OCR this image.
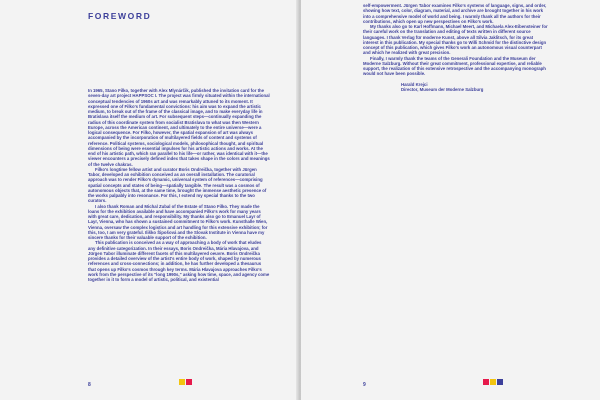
FOREWORD

In 1965, Stano Filko, together with Alex Mlynárčik, published the invitation card for the seven-day art project HAPPSOC I. The project was firmly situated within the international conceptual tendencies of 1960s art and was remarkably attuned to its moment. It expressed one of Filko's fundamental convictions: his aim was to expand the artistic medium, to break out of the frame of the classical image, and to make everyday life in Bratislava itself the medium of art. For subsequent steps—continually expanding the radius of this coordinate system from socialist Bratislava to what was then Western Europe, across the American continent, and ultimately to the entire universe—were a logical consequence. For Filko, however, the spatial expansion of art was always accompanied by the incorporation of multilayered fields of content and systems of reference. Political systems, sociological models, philosophical thought, and spiritual dimensions of being were essential impulses for his artistic actions and works. At the end of his artistic path, which ran parallel to his life—or rather, was identical with it—the viewer encounters a precisely defined index that takes shape in the colors and meanings of the twelve chakras.

Filko's longtime fellow artist and curator Boris Ondreička, together with Jürgen Tabor, developed an exhibition conceived as an overall installation. The curatorial approach was to render Filko's dynamic, universal system of references—comprising spatial concepts and states of being—spatially tangible. The result was a cosmos of autonomous objects that, at the same time, brought the immense aesthetic presence of the works palpably into resonance. For this, I extend my special thanks to the two curators.

I also thank Roman and Michal Zubal of the Estate of Stano Filko. They made the loans for the exhibition available and have accompanied Filko's work for many years with great care, dedication, and responsibility. My thanks also go to Emanuel Layr of Layr, Vienna, who has shown a sustained commitment to Filko's work. Kunsthalle Wien, Vienna, oversaw the complex logistics and art handling for this extensive exhibition; for this, too, I am very grateful. Iliško Šipošová and the Slovak Institute in Vienna have my sincere thanks for their valuable support of the exhibition.

This publication is conceived as a way of approaching a body of work that eludes any definitive categorization. In their essays, Boris Ondreička, Mária Hlavajova, and Jürgen Tabor illuminate different facets of this multilayered oeuvre. Boris Ondreička provides a detailed overview of the artist's entire body of work, shaped by numerous references and cross-connections; in addition, he has further developed a thesaurus that opens up Filko's cosmos through key terms. Mária Hlavajova approaches Filko's work from the perspective of its "long 1990s," asking how time, space, and agency come together in it to form a model of artistic, political, and existential

8

self-empowerment. Jürgen Tabor examines Filko's systems of language, signs, and order, showing how text, color, diagram, material, and archive are brought together in his work into a comprehensive model of world and being. I warmly thank all the authors for their contributions, which open up new perspectives on Filko's work.

My thanks also go to Karl Hoffmann, Michael Meert, and Michaela Alex-Eibensteiner for their careful work on the translation and editing of texts written in different source languages. I thank Verlag für moderne Kunst, above all Silvia Jaklitsch, for its great interest in this publication. My special thanks go to Willi Schmid for the distinctive design concept of this publication, which gives Filko's work an autonomous visual counterpart and which he realized with great precision.

Finally, I warmly thank the teams of the Generali Foundation and the Museum der Moderne Salzburg. Without their great commitment, professional expertise, and reliable support, the realization of this extensive retrospective and the accompanying monograph would not have been possible.

Harald Krejci

Director, Museum der Moderne Salzburg

9
